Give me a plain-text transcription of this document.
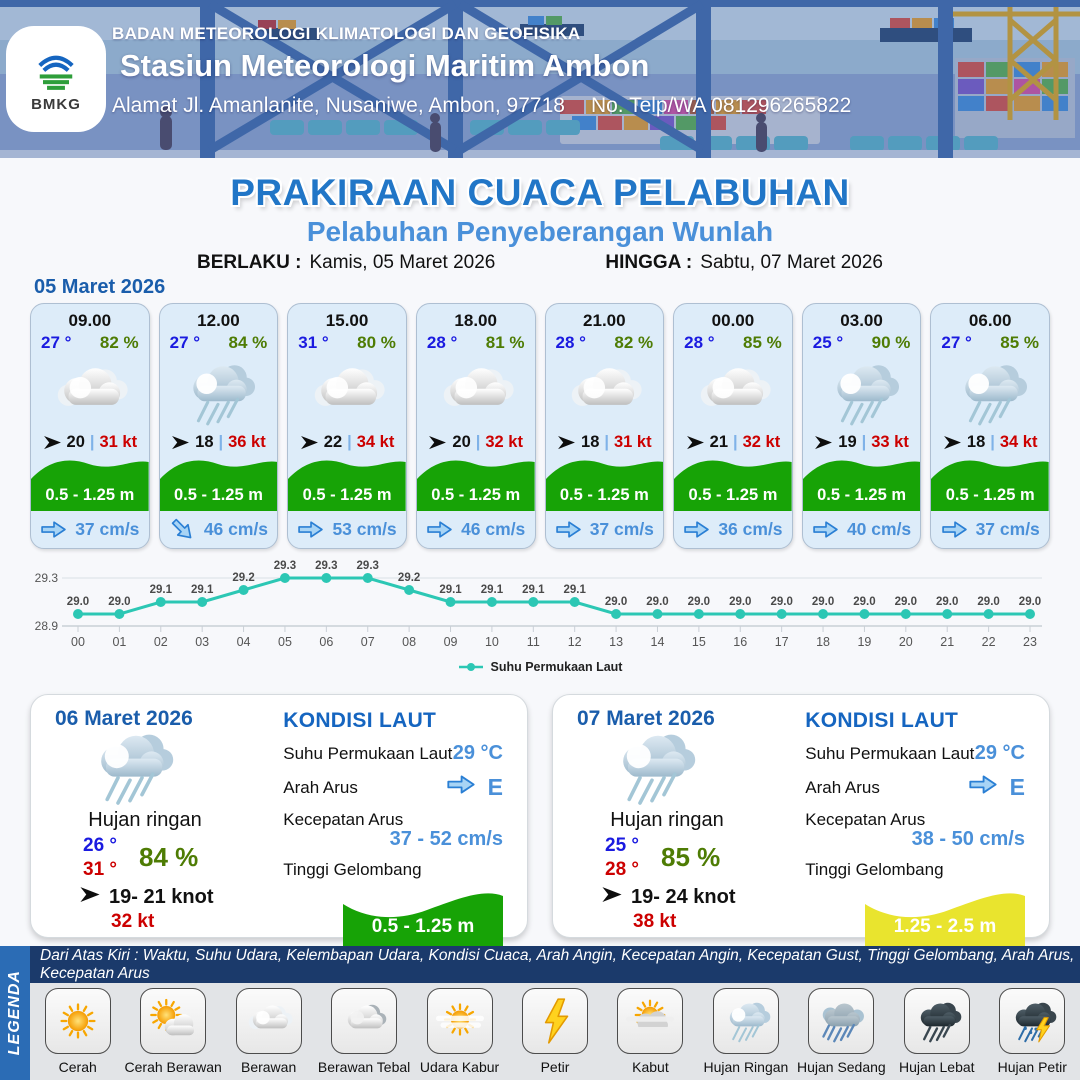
BMKG
BADAN METEOROLOGI KLIMATOLOGI DAN GEOFISIKA
Stasiun Meteorologi Maritim Ambon
Alamat Jl. Amanlanite, Nusaniwe, Ambon, 97718 No. Telp/WA 081296265822
PRAKIRAAN CUACA PELABUHAN
Pelabuhan Penyeberangan Wunlah
BERLAKU : Kamis, 05 Maret 2026	HINGGA : Sabtu, 07 Maret 2026
05 Maret 2026
09.00
27 ° 82 %
20 | 31 kt
0.5 - 1.25 m
37 cm/s
12.00
27 ° 84 %
18 | 36 kt
0.5 - 1.25 m
46 cm/s
15.00
31 ° 80 %
22 | 34 kt
0.5 - 1.25 m
53 cm/s
18.00
28 ° 81 %
20 | 32 kt
0.5 - 1.25 m
46 cm/s
21.00
28 ° 82 %
18 | 31 kt
0.5 - 1.25 m
37 cm/s
00.00
28 ° 85 %
21 | 32 kt
0.5 - 1.25 m
36 cm/s
03.00
25 ° 90 %
19 | 33 kt
0.5 - 1.25 m
40 cm/s
06.00
27 ° 85 %
18 | 34 kt
0.5 - 1.25 m
37 cm/s
28.9
29.3
00 01 02 03 04 05 06 07 08 09 10 11 12 13 14 15 16 17 18 19 20 21 22 23
29.0 29.0
29.1 29.1
29.2
29.3 29.3 29.3
29.2
29.1 29.1 29.1 29.1
29.0 29.0 29.0 29.0 29.0 29.0 29.0 29.0 29.0 29.0 29.0
Suhu Permukaan Laut
06 Maret 2026
Hujan ringan
26 °
31 ° 84 %
19- 21 knot
32 kt
KONDISI LAUT
Suhu Permukaan Laut 29 °C
Arah Arus	E
Kecepatan Arus
37 - 52 cm/s
Tinggi Gelombang
0.5 - 1.25 m
07 Maret 2026
Hujan ringan
25 °
28 ° 85 %
19- 24 knot
38 kt
KONDISI LAUT
Suhu Permukaan Laut 29 °C
Arah Arus	E
Kecepatan Arus
38 - 50 cm/s
Tinggi Gelombang
1.25 - 2.5 m
LEGENDA
Dari Atas Kiri : Waktu, Suhu Udara, Kelembapan Udara, Kondisi Cuaca, Arah Angin, Kecepatan Angin, Kecepatan Gust, Tinggi Gelombang, Arah Arus, Kecepatan Arus
Cerah Cerah Berawan Berawan Berawan Tebal Udara Kabur	Petir	Kabut Hujan Ringan Hujan Sedang Hujan Lebat Hujan Petir
